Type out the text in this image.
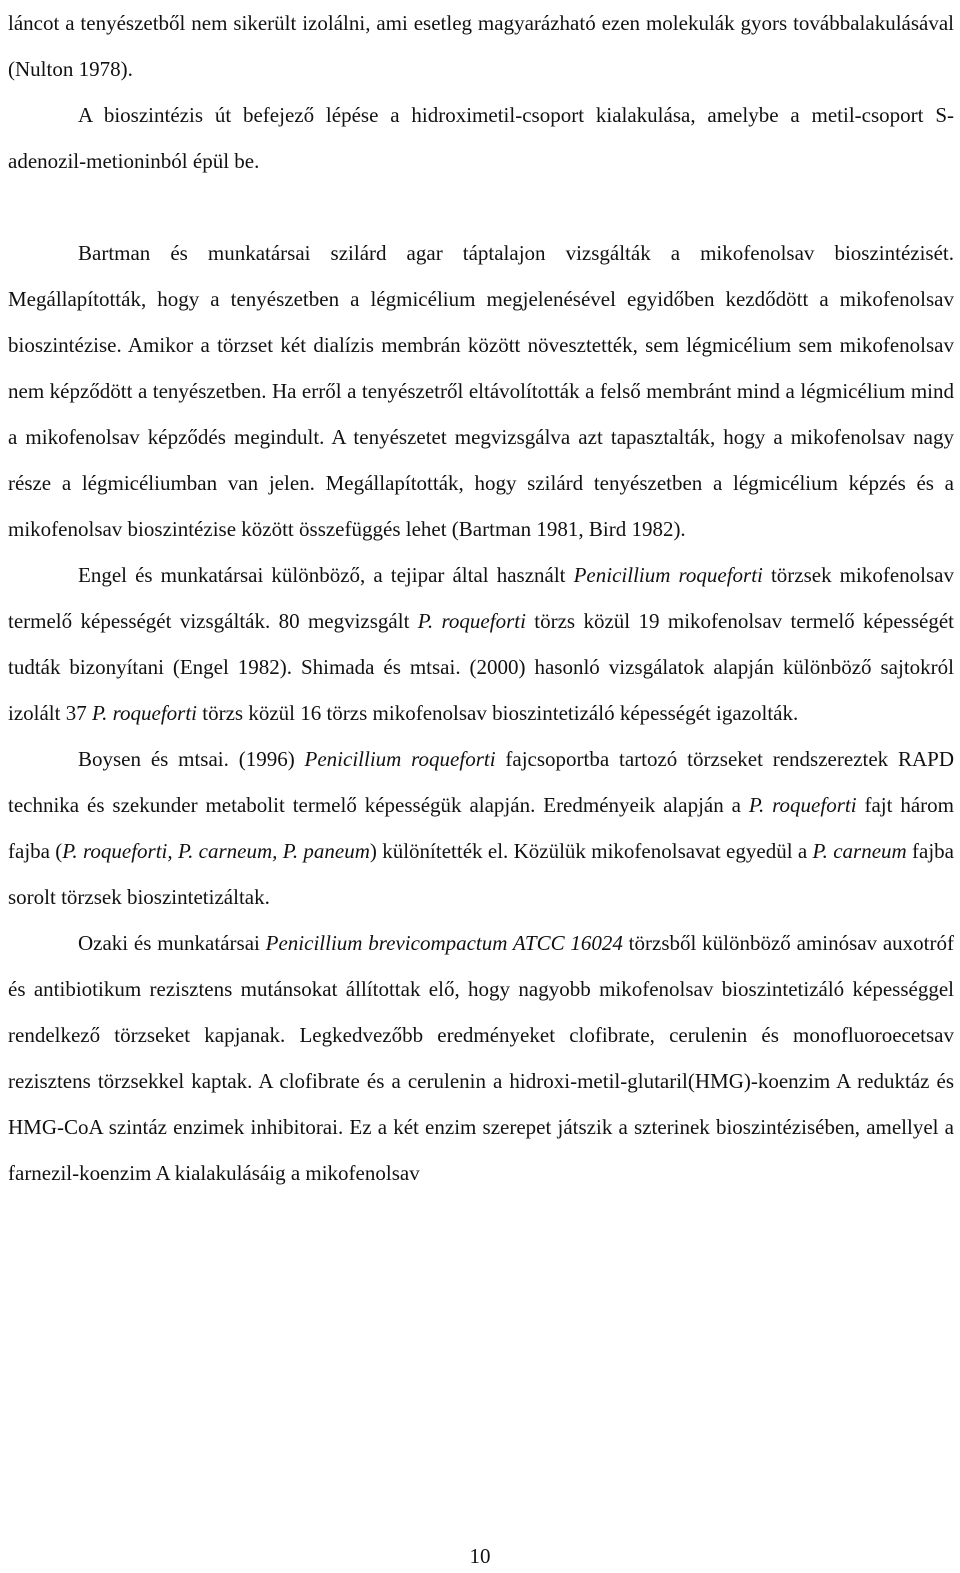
láncot a tenyészetből nem sikerült izolálni, ami esetleg magyarázható ezen molekulák gyors továbbalakulásával (Nulton 1978).

A bioszintézis út befejező lépése a hidroximetil-csoport kialakulása, amelybe a metil-csoport S-adenozil-metioninból épül be.

Bartman és munkatársai szilárd agar táptalajon vizsgálták a mikofenolsav bioszintézisét. Megállapították, hogy a tenyészetben a légmicélium megjelenésével egyidőben kezdődött a mikofenolsav bioszintézise. Amikor a törzset két dialízis membrán között növesztették, sem légmicélium sem mikofenolsav nem képződött a tenyészetben. Ha erről a tenyészetről eltávolították a felső membránt mind a légmicélium mind a mikofenolsav képződés megindult. A tenyészetet megvizsgálva azt tapasztalták, hogy a mikofenolsav nagy része a légmicéliumban van jelen. Megállapították, hogy szilárd tenyészetben a légmicélium képzés és a mikofenolsav bioszintézise között összefüggés lehet (Bartman 1981, Bird 1982).

Engel és munkatársai különböző, a tejipar által használt Penicillium roqueforti törzsek mikofenolsav termelő képességét vizsgálták. 80 megvizsgált P. roqueforti törzs közül 19 mikofenolsav termelő képességét tudták bizonyítani (Engel 1982). Shimada és mtsai. (2000) hasonló vizsgálatok alapján különböző sajtokról izolált 37 P. roqueforti törzs közül 16 törzs mikofenolsav bioszintetizáló képességét igazolták.

Boysen és mtsai. (1996) Penicillium roqueforti fajcsoportba tartozó törzseket rendszereztek RAPD technika és szekunder metabolit termelő képességük alapján. Eredményeik alapján a P. roqueforti fajt három fajba (P. roqueforti, P. carneum, P. paneum) különítették el. Közülük mikofenolsavat egyedül a P. carneum fajba sorolt törzsek bioszintetizáltak.

Ozaki és munkatársai Penicillium brevicompactum ATCC 16024 törzsből különböző aminósav auxotróf és antibiotikum rezisztens mutánsokat állítottak elő, hogy nagyobb mikofenolsav bioszintetizáló képességgel rendelkező törzseket kapjanak. Legkedvezőbb eredményeket clofibrate, cerulenin és monofluoroecetsav rezisztens törzsekkel kaptak. A clofibrate és a cerulenin a hidroxi-metil-glutaril(HMG)-koenzim A reduktáz és HMG-CoA szintáz enzimek inhibitorai. Ez a két enzim szerepet játszik a szterinek bioszintézisében, amellyel a farnezil-koenzim A kialakulásáig a mikofenolsav

10
